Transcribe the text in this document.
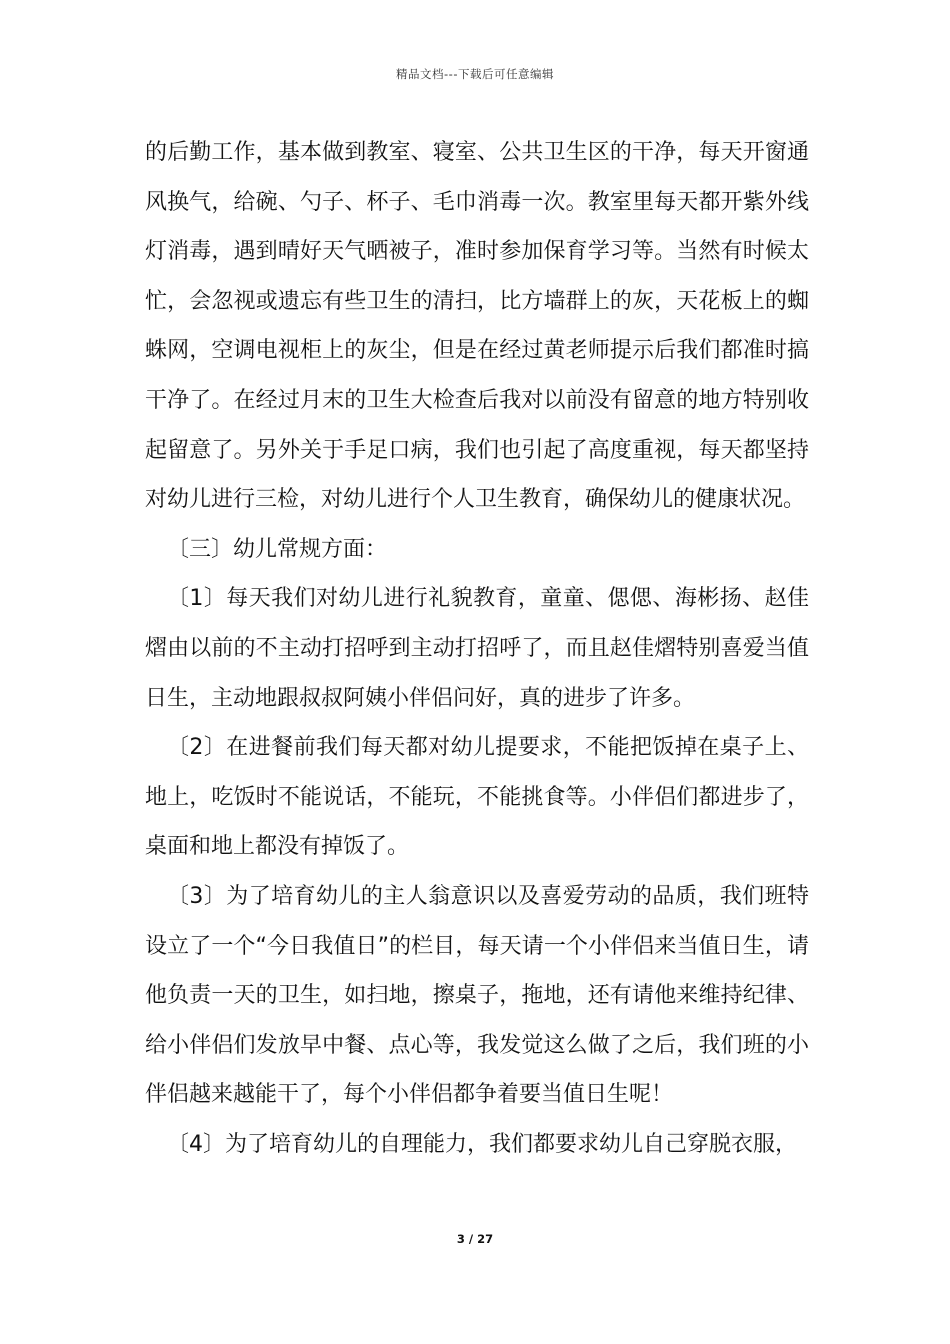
精品文档---下载后可任意编辑

的后勤工作，基本做到教室、寝室、公共卫生区的干净，每天开窗通风换气，给碗、勺子、杯子、毛巾消毒一次。教室里每天都开紫外线灯消毒，遇到晴好天气晒被子，准时参加保育学习等。当然有时候太忙，会忽视或遗忘有些卫生的清扫，比方墙群上的灰，天花板上的蜘蛛网，空调电视柜上的灰尘，但是在经过黄老师提示后我们都准时搞干净了。在经过月末的卫生大检查后我对以前没有留意的地方特别收起留意了。另外关于手足口病，我们也引起了高度重视，每天都坚持对幼儿进行三检，对幼儿进行个人卫生教育，确保幼儿的健康状况。

〔三〕幼儿常规方面：

〔1〕每天我们对幼儿进行礼貌教育，童童、偲偲、海彬扬、赵佳熠由以前的不主动打招呼到主动打招呼了，而且赵佳熠特别喜爱当值日生，主动地跟叔叔阿姨小伴侣问好，真的进步了许多。

〔2〕在进餐前我们每天都对幼儿提要求，不能把饭掉在桌子上、地上，吃饭时不能说话，不能玩，不能挑食等。小伴侣们都进步了，桌面和地上都没有掉饭了。

〔3〕为了培育幼儿的主人翁意识以及喜爱劳动的品质，我们班特设立了一个“今日我值日”的栏目，每天请一个小伴侣来当值日生，请他负责一天的卫生，如扫地，擦桌子，拖地，还有请他来维持纪律、给小伴侣们发放早中餐、点心等，我发觉这么做了之后，我们班的小伴侣越来越能干了，每个小伴侣都争着要当值日生呢！

〔4〕为了培育幼儿的自理能力，我们都要求幼儿自己穿脱衣服，

3 / 27
